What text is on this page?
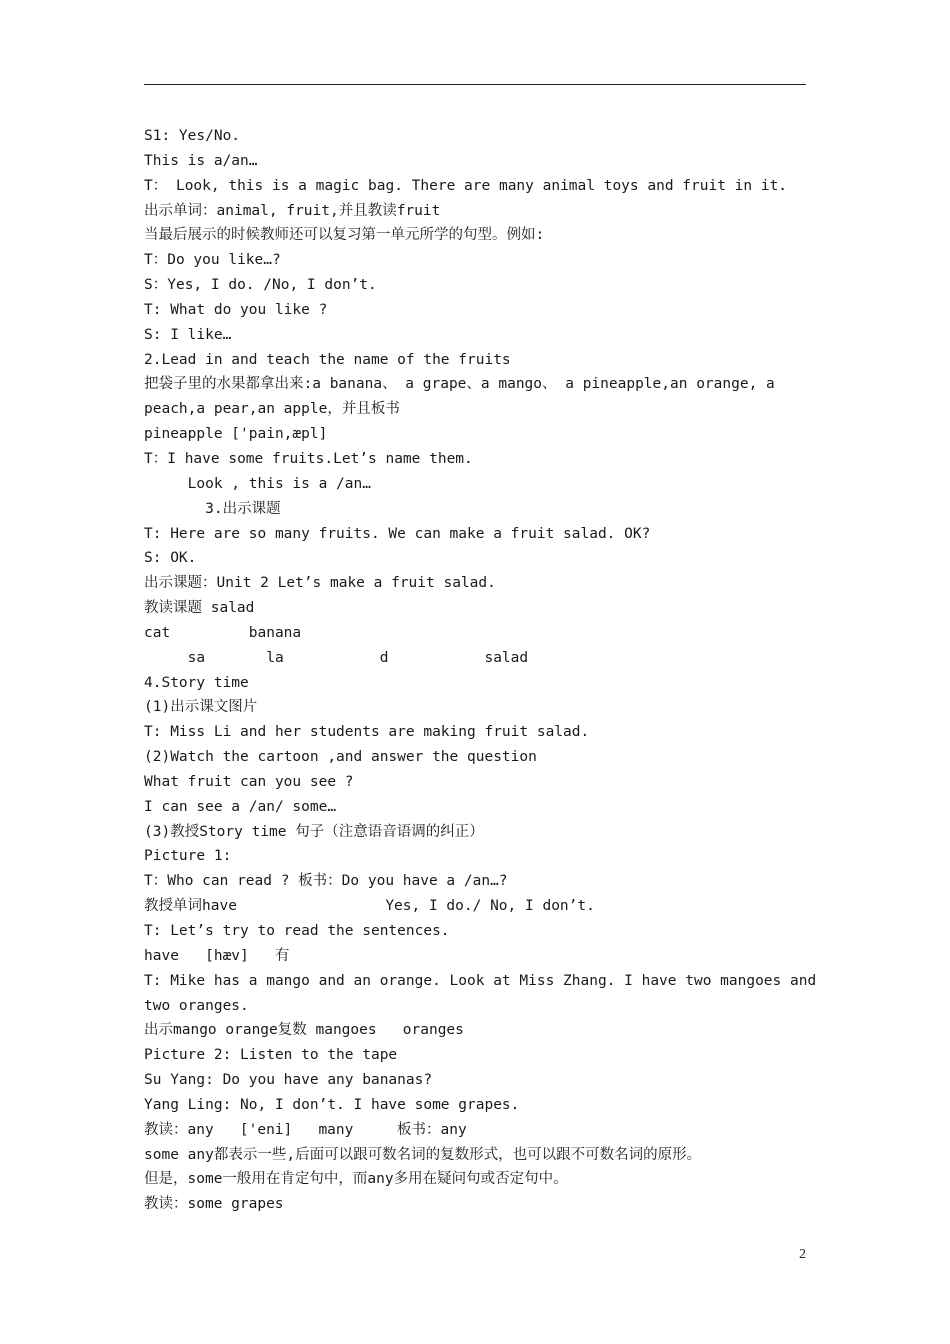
S1: Yes/No.
This is a/an…
T： Look, this is a magic bag. There are many animal toys and fruit in it.
出示单词：animal, fruit,并且教读fruit
当最后展示的时候教师还可以复习第一单元所学的句型。例如:
T：Do you like…?
S：Yes, I do. /No, I don’t.
T: What do you like ?
S: I like…
2.Lead in and teach the name of the fruits
把袋子里的水果都拿出来:a banana、 a grape、a mango、 a pineapple,an orange, a
peach,a pear,an apple，并且板书
pineapple ['pain,æpl]
T：I have some fruits.Let’s name them.
Look , this is a /an…
3.出示课题
T: Here are so many fruits. We can make a fruit salad. OK?
S: OK.
出示课题：Unit 2 Let’s make a fruit salad.
教读课题 salad
cat         banana
sa       la           d           salad
4.Story time
(1)出示课文图片
T: Miss Li and her students are making fruit salad.
(2)Watch the cartoon ,and answer the question
What fruit can you see ?
I can see a /an/ some…
(3)教授Story time 句子（注意语音语调的纠正）
Picture 1:
T：Who can read ? 板书：Do you have a /an…?
教授单词have                 Yes, I do./ No, I don’t.
T: Let’s try to read the sentences.
have   [hæv]   有
T: Mike has a mango and an orange. Look at Miss Zhang. I have two mangoes and
two oranges.
出示mango orange复数 mangoes   oranges
Picture 2: Listen to the tape
Su Yang: Do you have any bananas?
Yang Ling: No, I don’t. I have some grapes.
教读：any   ['eni]   many     板书：any
some any都表示一些,后面可以跟可数名词的复数形式，也可以跟不可数名词的原形。
但是，some一般用在肯定句中，而any多用在疑问句或否定句中。
教读：some grapes
2
